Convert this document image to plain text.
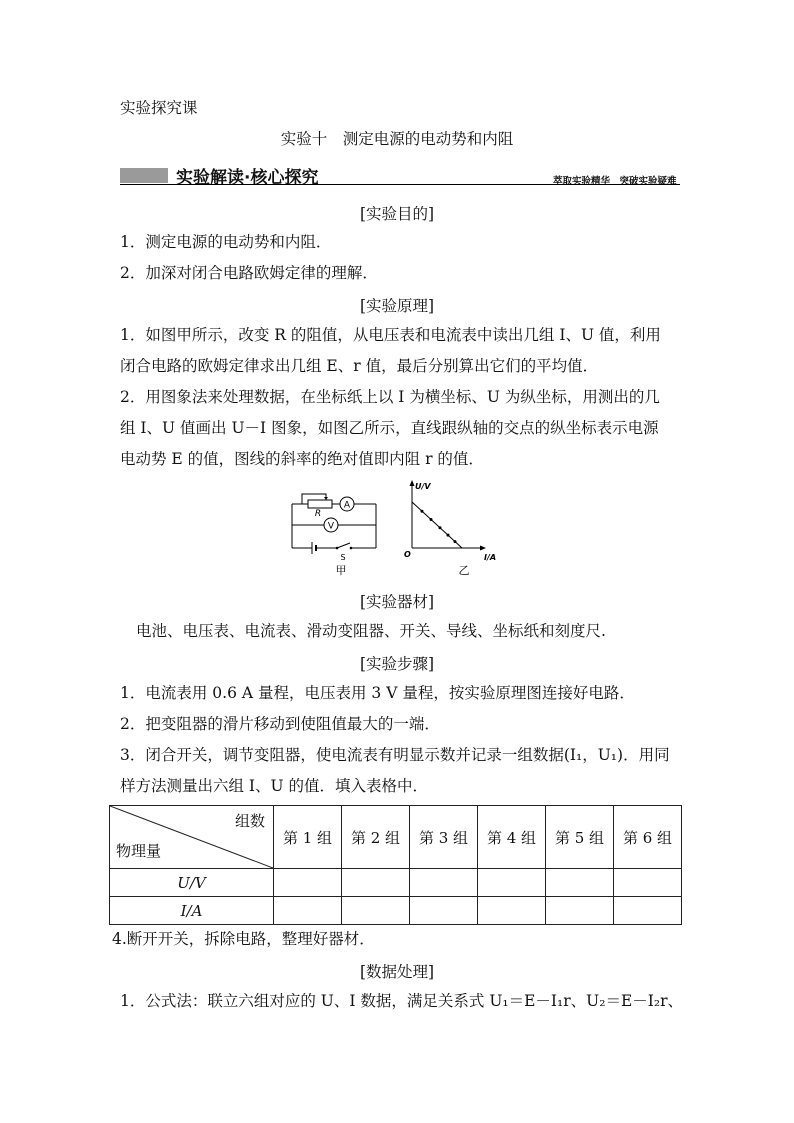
实验探究课
实验十　测定电源的电动势和内阻
实验解读·核心探究	萃取实验精华　突破实验疑难
[实验目的]
1．测定电源的电动势和内阻．
2．加深对闭合电路欧姆定律的理解．
[实验原理]
1．如图甲所示，改变 R 的阻值，从电压表和电流表中读出几组 I、U 值，利用
闭合电路的欧姆定律求出几组 E、r 值，最后分别算出它们的平均值．
2．用图象法来处理数据，在坐标纸上以 I 为横坐标、U 为纵坐标，用测出的几
组 I、U 值画出 U－I 图象，如图乙所示，直线跟纵轴的交点的纵坐标表示电源
电动势 E 的值，图线的斜率的绝对值即内阻 r 的值．
A
R
V
S
甲
U/V
I/A
O
乙
[实验器材]
电池、电压表、电流表、滑动变阻器、开关、导线、坐标纸和刻度尺.
[实验步骤]
1．电流表用 0.6 A 量程，电压表用 3 V 量程，按实验原理图连接好电路．
2．把变阻器的滑片移动到使阻值最大的一端．
3．闭合开关，调节变阻器，使电流表有明显示数并记录一组数据(I₁，U₁)．用同
样方法测量出六组 I、U 的值．填入表格中．
组数
物理量	第 1 组	第 2 组	第 3 组	第 4 组	第 5 组	第 6 组
U/V						
I/A						
4.断开开关，拆除电路，整理好器材．
[数据处理]
1．公式法：联立六组对应的 U、I 数据，满足关系式 U₁＝E－I₁r、U₂＝E－I₂r、
